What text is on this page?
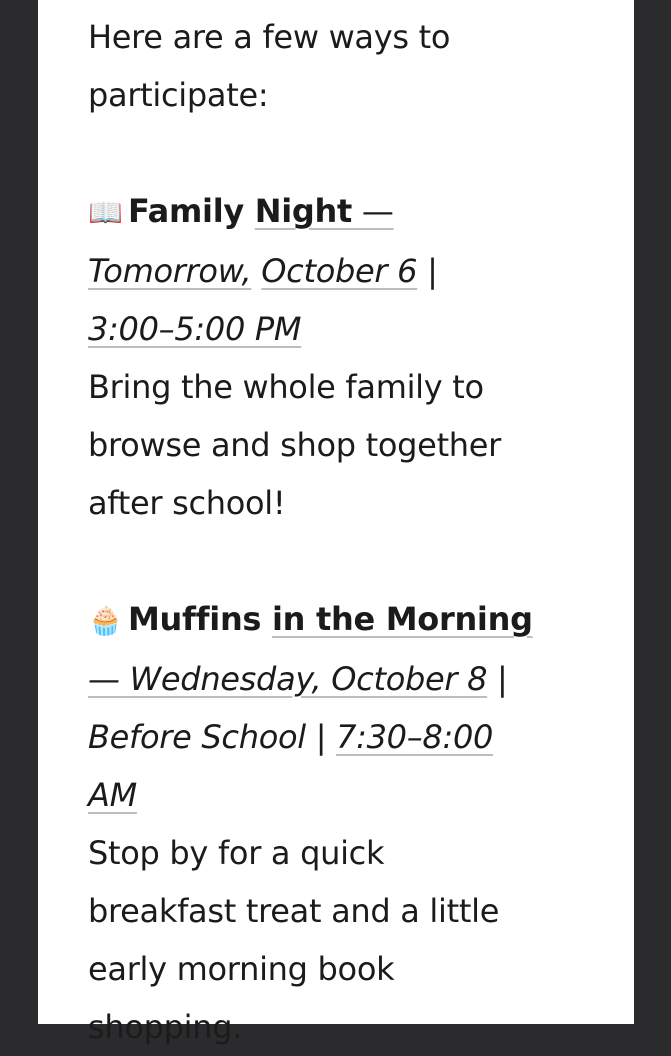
Here are a few ways to

participate:

📖 Family Night —

Tomorrow, October 6 |

3:00–5:00 PM

Bring the whole family to

browse and shop together

after school!

🧁 Muffins in the Morning

— Wednesday, October 8 |

Before School | 7:30–8:00

AM

Stop by for a quick

breakfast treat and a little

early morning book

shopping.
